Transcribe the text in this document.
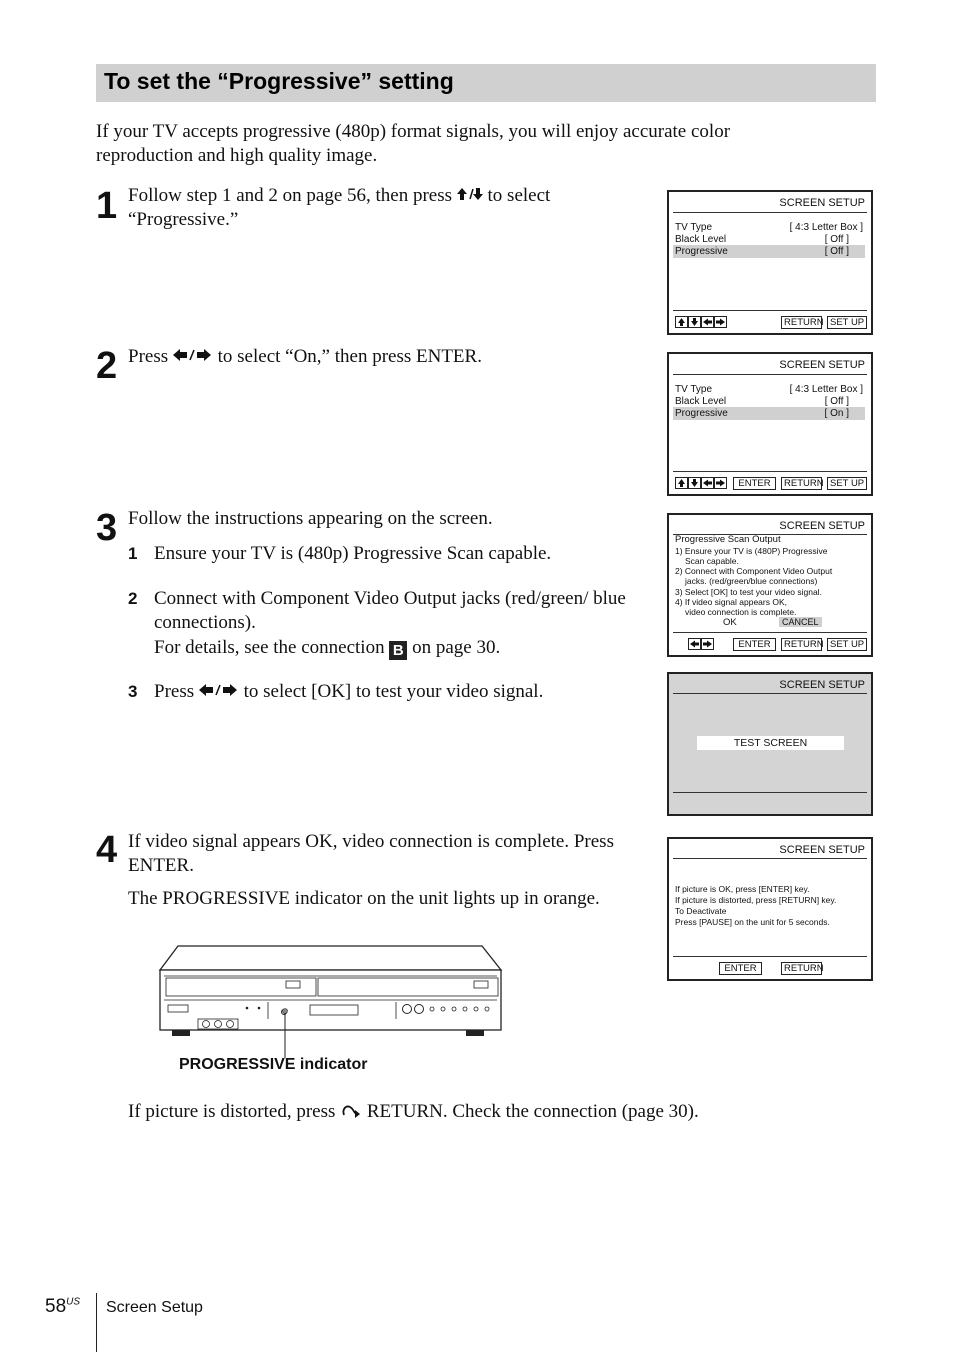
To set the “Progressive” setting
If your TV accepts progressive (480p) format signals, you will enjoy accurate color reproduction and high quality image.
1 Follow step 1 and 2 on page 56, then press  to select “Progressive.”
2 Press  to select “On,” then press ENTER.
3 Follow the instructions appearing on the screen.
1 Ensure your TV is (480p) Progressive Scan capable.
2 Connect with Component Video Output jacks (red/green/ blue connections).
For details, see the connection B on page 30.
3 Press  to select [OK] to test your video signal.
4 If video signal appears OK, video connection is complete. Press ENTER.
The PROGRESSIVE indicator on the unit lights up in orange.
SCREEN SETUP
TV Type	[ 4:3 Letter Box ]
Black Level	[ Off ]
Progressive	[ Off ]
RETURN SET UP
SCREEN SETUP
TV Type	[ 4:3 Letter Box ]
Black Level	[ Off ]
Progressive	[ On ]
ENTER	RETURN SET UP
SCREEN SETUP
Progressive Scan Output
1) Ensure your TV is (480P) Progressive
Scan capable.
2) Connect with Component Video Output
jacks. (red/green/blue connections)
3) Select [OK] to test your video signal.
4) If video signal appears OK,
video connection is complete.
OK	CANCEL
ENTER	RETURN SET UP
SCREEN SETUP
TEST SCREEN
SCREEN SETUP
If picture is OK, press [ENTER] key.
If picture is distorted, press [RETURN] key.
To Deactivate
Press [PAUSE] on the unit for 5 seconds.
ENTER	RETURN
PROGRESSIVE indicator
If picture is distorted, press  RETURN. Check the connection (page 30).
$58^{US}$ Screen Setup
